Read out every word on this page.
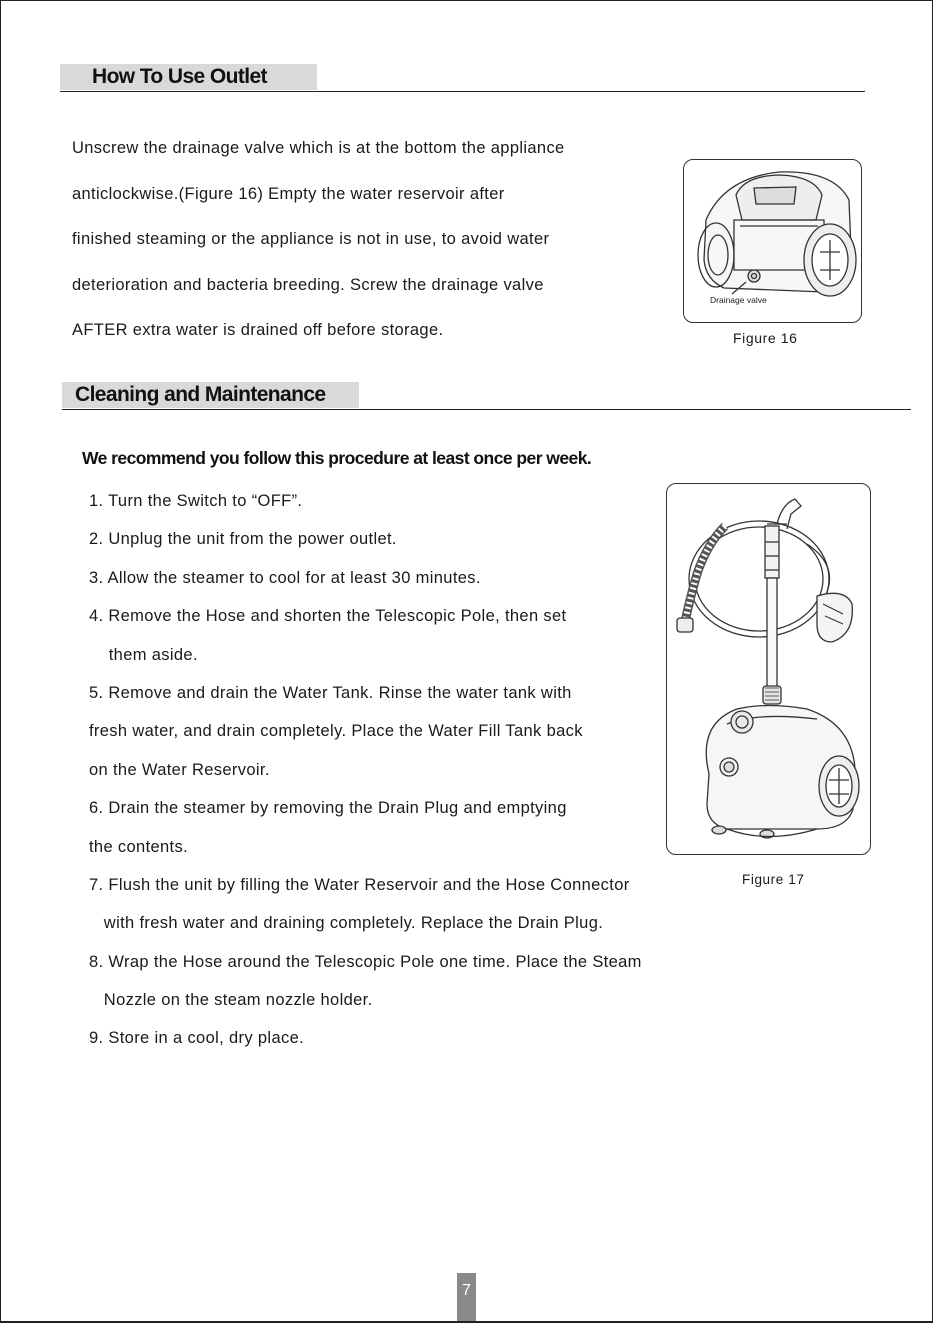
How To Use Outlet
Unscrew the drainage valve which is at the bottom the appliance
anticlockwise.(Figure 16) Empty the water reservoir after
finished steaming or the appliance is not in use, to avoid water
deterioration and bacteria breeding. Screw the drainage valve
AFTER extra water is drained off before storage.
Drainage valve
Figure 16
Cleaning and Maintenance
We recommend you follow this procedure at least once per week.
1. Turn the Switch to “OFF”.
2. Unplug the unit from the power outlet.
3. Allow the steamer to cool for at least 30 minutes.
4. Remove the Hose and shorten the Telescopic Pole, then set
them aside.
5. Remove and drain the Water Tank. Rinse the water tank with
fresh water, and drain completely. Place the Water Fill Tank back
on the Water Reservoir.
6. Drain the steamer by removing the Drain Plug and emptying
the contents.
7. Flush the unit by filling the Water Reservoir and the Hose Connector
with fresh water and draining completely. Replace the Drain Plug.
8. Wrap the Hose around the Telescopic Pole one time. Place the Steam
Nozzle on the steam nozzle holder.
9. Store in a cool, dry place.
Figure 17
7
